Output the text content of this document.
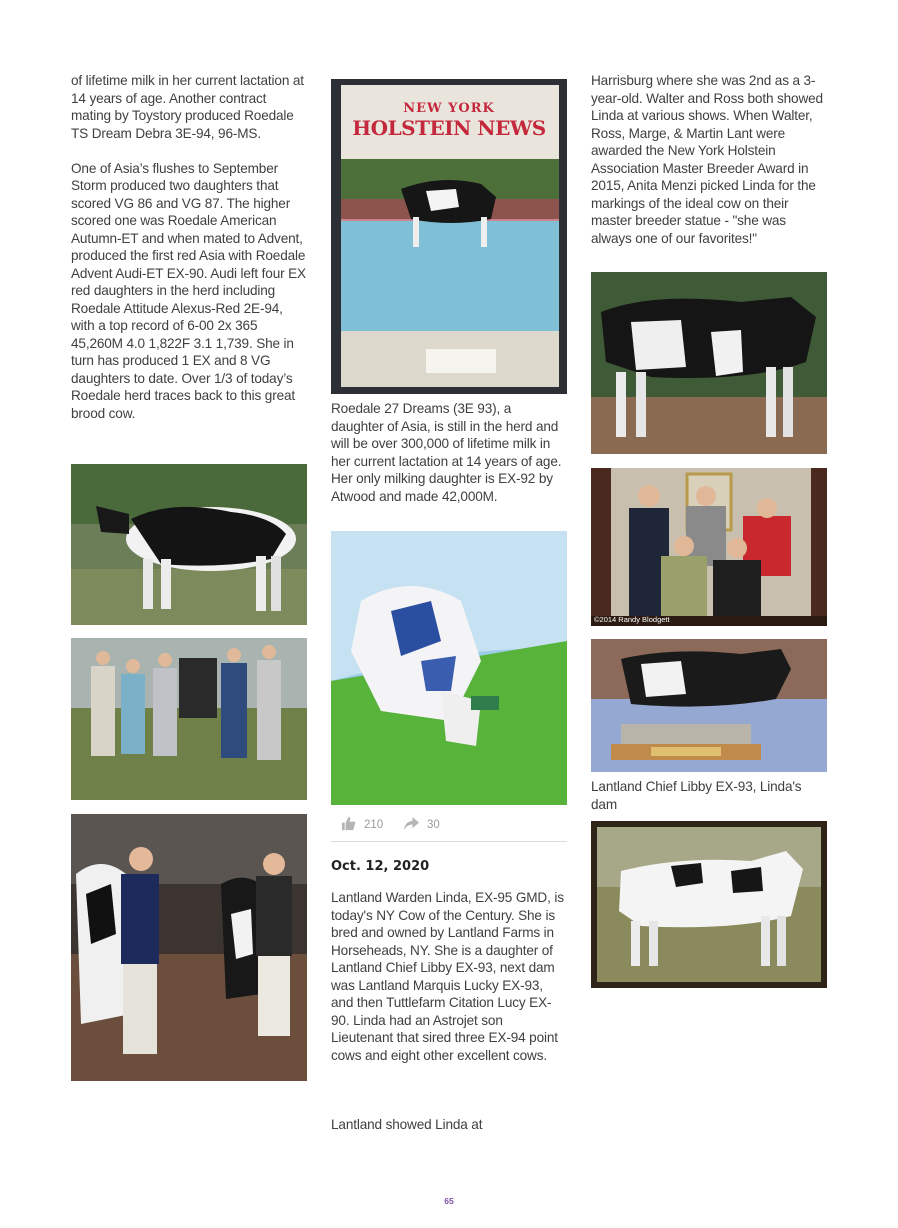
of lifetime milk in her current lactation at 14 years of age. Another contract mating by Toystory produced Roedale TS Dream Debra 3E-94, 96-MS.

One of Asia’s flushes to September Storm produced two daughters that scored VG 86 and VG 87. The higher scored one was Roedale American Autumn-ET and when mated to Advent, produced the first red Asia with Roedale Advent Audi-ET EX-90. Audi left four EX red daughters in the herd including Roedale Attitude Alexus-Red 2E-94, with a top record of 6-00 2x 365 45,260M 4.0 1,822F 3.1 1,739. She in turn has produced 1 EX and 8 VG daughters to date. Over 1/3 of today’s Roedale herd traces back to this great brood cow.

NEW YORK
HOLSTEIN NEWS

Roedale 27 Dreams (3E 93), a daughter of Asia, is still in the herd and will be over 300,000 of lifetime milk in her current lactation at 14 years of age. Her only milking daughter is EX-92 by Atwood and made 42,000M.

210	30
Oct. 12, 2020

Lantland Warden Linda, EX-95 GMD, is today's NY Cow of the Century. She is bred and owned by Lantland Farms in Horseheads, NY. She is a daughter of Lantland Chief Libby EX-93, next dam was Lantland Marquis Lucky EX-93, and then Tuttlefarm Citation Lucy EX-90. Linda had an Astrojet son Lieutenant that sired three EX-94 point cows and eight other excellent cows.

Lantland showed Linda at

Harrisburg where she was 2nd as a 3-year-old. Walter and Ross both showed Linda at various shows. When Walter, Ross, Marge, & Martin Lant were awarded the New York Holstein Association Master Breeder Award in 2015, Anita Menzi picked Linda for the markings of the ideal cow on their master breeder statue - "she was always one of our favorites!"

©2014 Randy Blodgett

Lantland Chief Libby EX-93, Linda's dam

65
